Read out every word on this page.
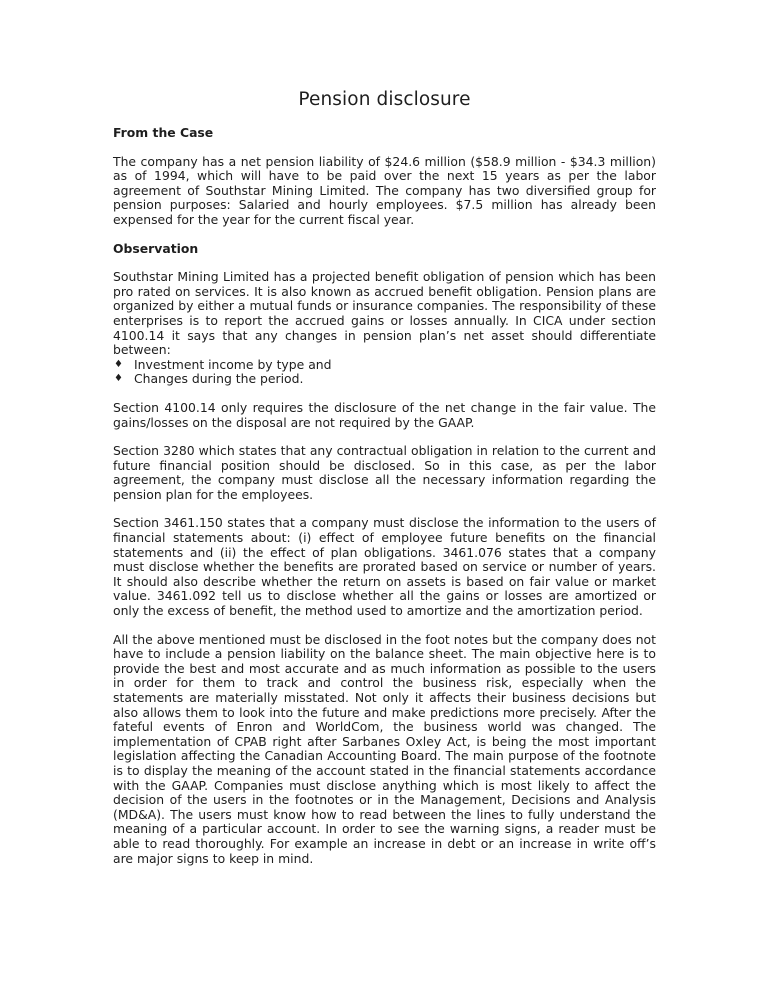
Pension disclosure
From the Case
The company has a net pension liability of $24.6 million ($58.9 million - $34.3 million) as of 1994, which will have to be paid over the next 15 years as per the labor agreement of Southstar Mining Limited. The company has two diversified group for pension purposes: Salaried and hourly employees. $7.5 million has already been expensed for the year for the current fiscal year.
Observation
Southstar Mining Limited has a projected benefit obligation of pension which has been pro rated on services. It is also known as accrued benefit obligation. Pension plans are organized by either a mutual funds or insurance companies. The responsibility of these enterprises is to report the accrued gains or losses annually. In CICA under section 4100.14 it says that any changes in pension plan’s net asset should differentiate between:
♦ Investment income by type and
♦ Changes during the period.
Section 4100.14 only requires the disclosure of the net change in the fair value. The gains/losses on the disposal are not required by the GAAP.
Section 3280 which states that any contractual obligation in relation to the current and future financial position should be disclosed. So in this case, as per the labor agreement, the company must disclose all the necessary information regarding the pension plan for the employees.
Section 3461.150 states that a company must disclose the information to the users of financial statements about: (i) effect of employee future benefits on the financial statements and (ii) the effect of plan obligations. 3461.076 states that a company must disclose whether the benefits are prorated based on service or number of years. It should also describe whether the return on assets is based on fair value or market value. 3461.092 tell us to disclose whether all the gains or losses are amortized or only the excess of benefit, the method used to amortize and the amortization period.
All the above mentioned must be disclosed in the foot notes but the company does not have to include a pension liability on the balance sheet. The main objective here is to provide the best and most accurate and as much information as possible to the users in order for them to track and control the business risk, especially when the statements are materially misstated. Not only it affects their business decisions but also allows them to look into the future and make predictions more precisely. After the fateful events of Enron and WorldCom, the business world was changed. The implementation of CPAB right after Sarbanes Oxley Act, is being the most important legislation affecting the Canadian Accounting Board. The main purpose of the footnote is to display the meaning of the account stated in the financial statements accordance with the GAAP. Companies must disclose anything which is most likely to affect the decision of the users in the footnotes or in the Management, Decisions and Analysis (MD&A). The users must know how to read between the lines to fully understand the meaning of a particular account. In order to see the warning signs, a reader must be able to read thoroughly. For example an increase in debt or an increase in write off’s are major signs to keep in mind.
